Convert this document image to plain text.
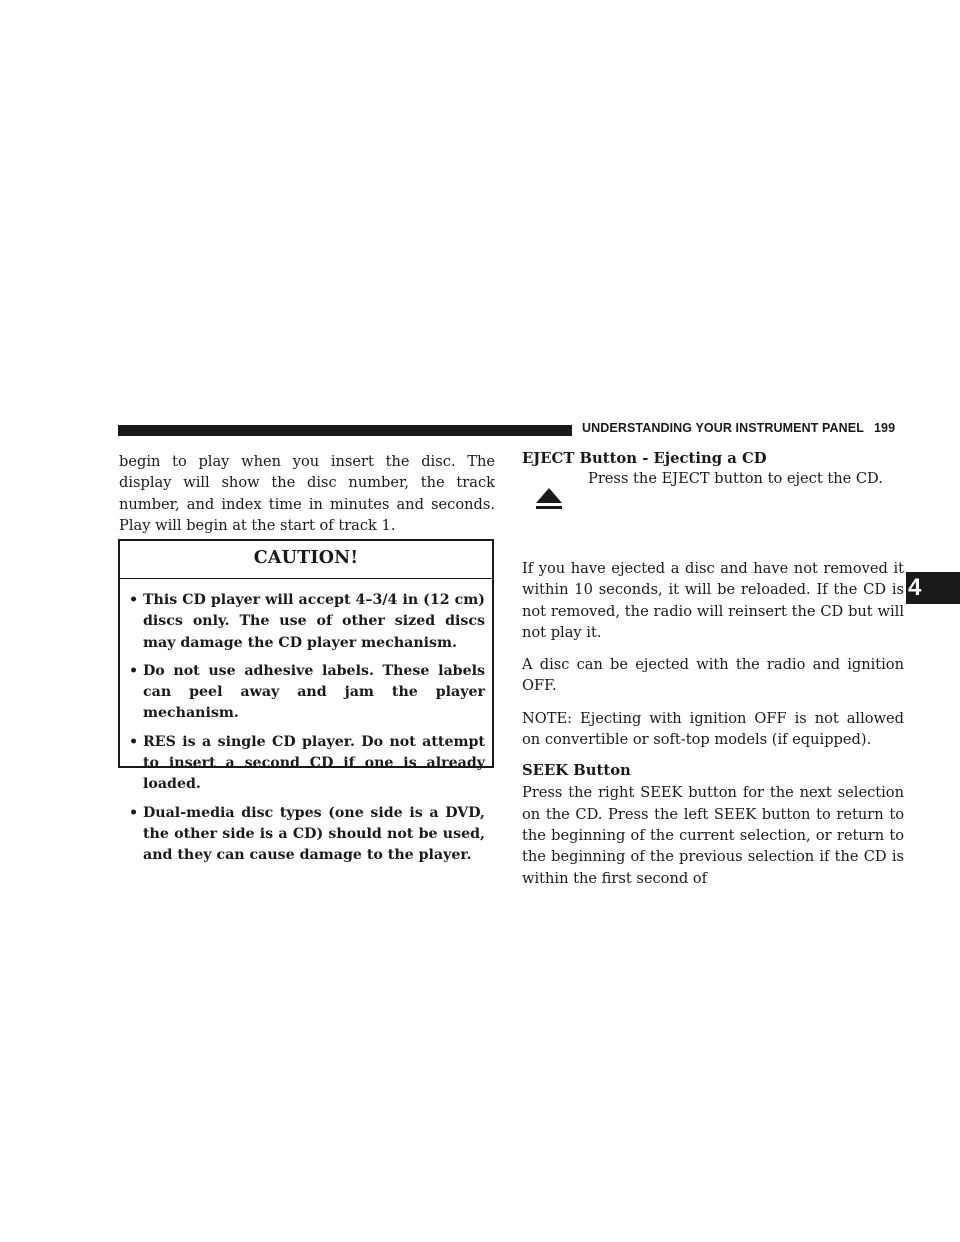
UNDERSTANDING YOUR INSTRUMENT PANEL 199
4

begin to play when you insert the disc. The display will show the disc number, the track number, and index time in minutes and seconds. Play will begin at the start of track 1.

CAUTION!
• This CD player will accept 4–3/4 in (12 cm) discs only. The use of other sized discs may damage the CD player mechanism.
• Do not use adhesive labels. These labels can peel away and jam the player mechanism.
• RES is a single CD player. Do not attempt to insert a second CD if one is already loaded.
• Dual-media disc types (one side is a DVD, the other side is a CD) should not be used, and they can cause damage to the player.
EJECT Button - Ejecting a CD
Press the EJECT button to eject the CD.

If you have ejected a disc and have not removed it within 10 seconds, it will be reloaded. If the CD is not removed, the radio will reinsert the CD but will not play it.

A disc can be ejected with the radio and ignition OFF.

NOTE: Ejecting with ignition OFF is not allowed on convertible or soft-top models (if equipped).

SEEK Button

Press the right SEEK button for the next selection on the CD. Press the left SEEK button to return to the beginning of the current selection, or return to the beginning of the previous selection if the CD is within the first second of
